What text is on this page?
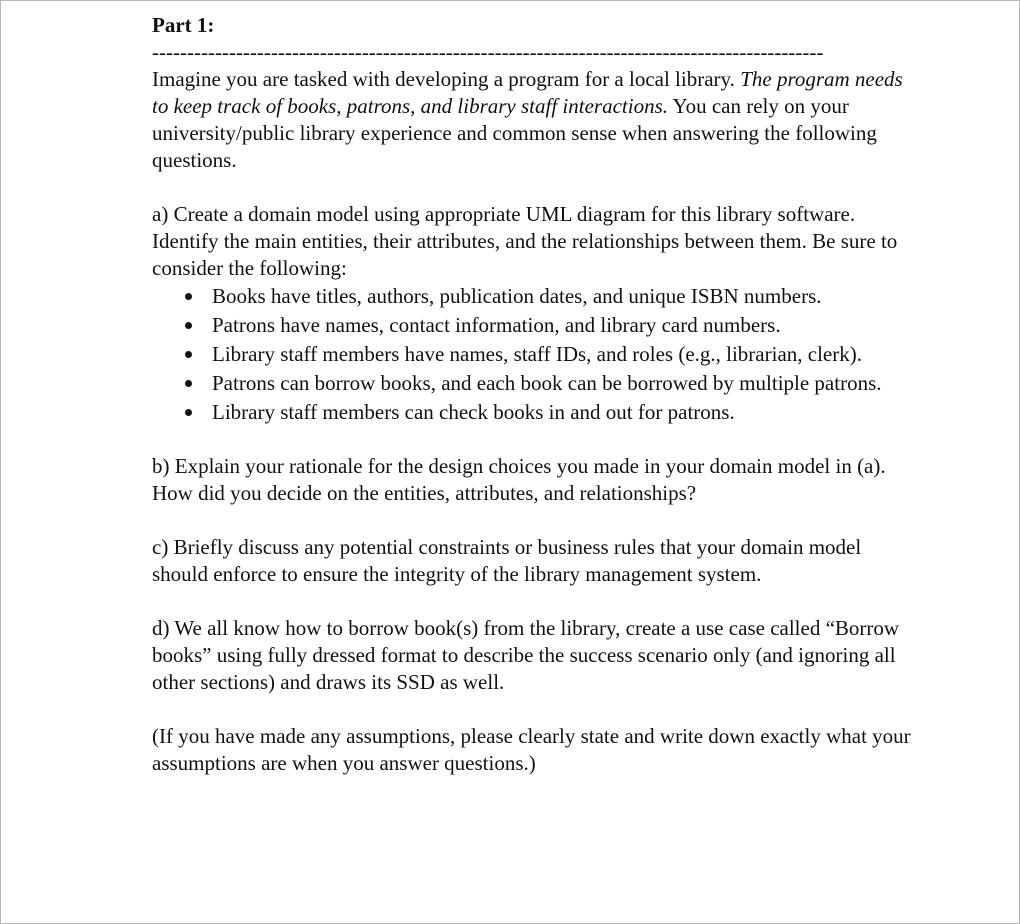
Part 1:
------------------------------------------------------------------------------------------------

Imagine you are tasked with developing a program for a local library. The program needs to keep track of books, patrons, and library staff interactions. You can rely on your university/public library experience and common sense when answering the following questions.

a) Create a domain model using appropriate UML diagram for this library software. Identify the main entities, their attributes, and the relationships between them. Be sure to consider the following:

Books have titles, authors, publication dates, and unique ISBN numbers.
Patrons have names, contact information, and library card numbers.
Library staff members have names, staff IDs, and roles (e.g., librarian, clerk).
Patrons can borrow books, and each book can be borrowed by multiple patrons.
Library staff members can check books in and out for patrons.

b) Explain your rationale for the design choices you made in your domain model in (a). How did you decide on the entities, attributes, and relationships?

c) Briefly discuss any potential constraints or business rules that your domain model should enforce to ensure the integrity of the library management system.

d) We all know how to borrow book(s) from the library, create a use case called “Borrow books” using fully dressed format to describe the success scenario only (and ignoring all other sections) and draws its SSD as well.

(If you have made any assumptions, please clearly state and write down exactly what your assumptions are when you answer questions.)
